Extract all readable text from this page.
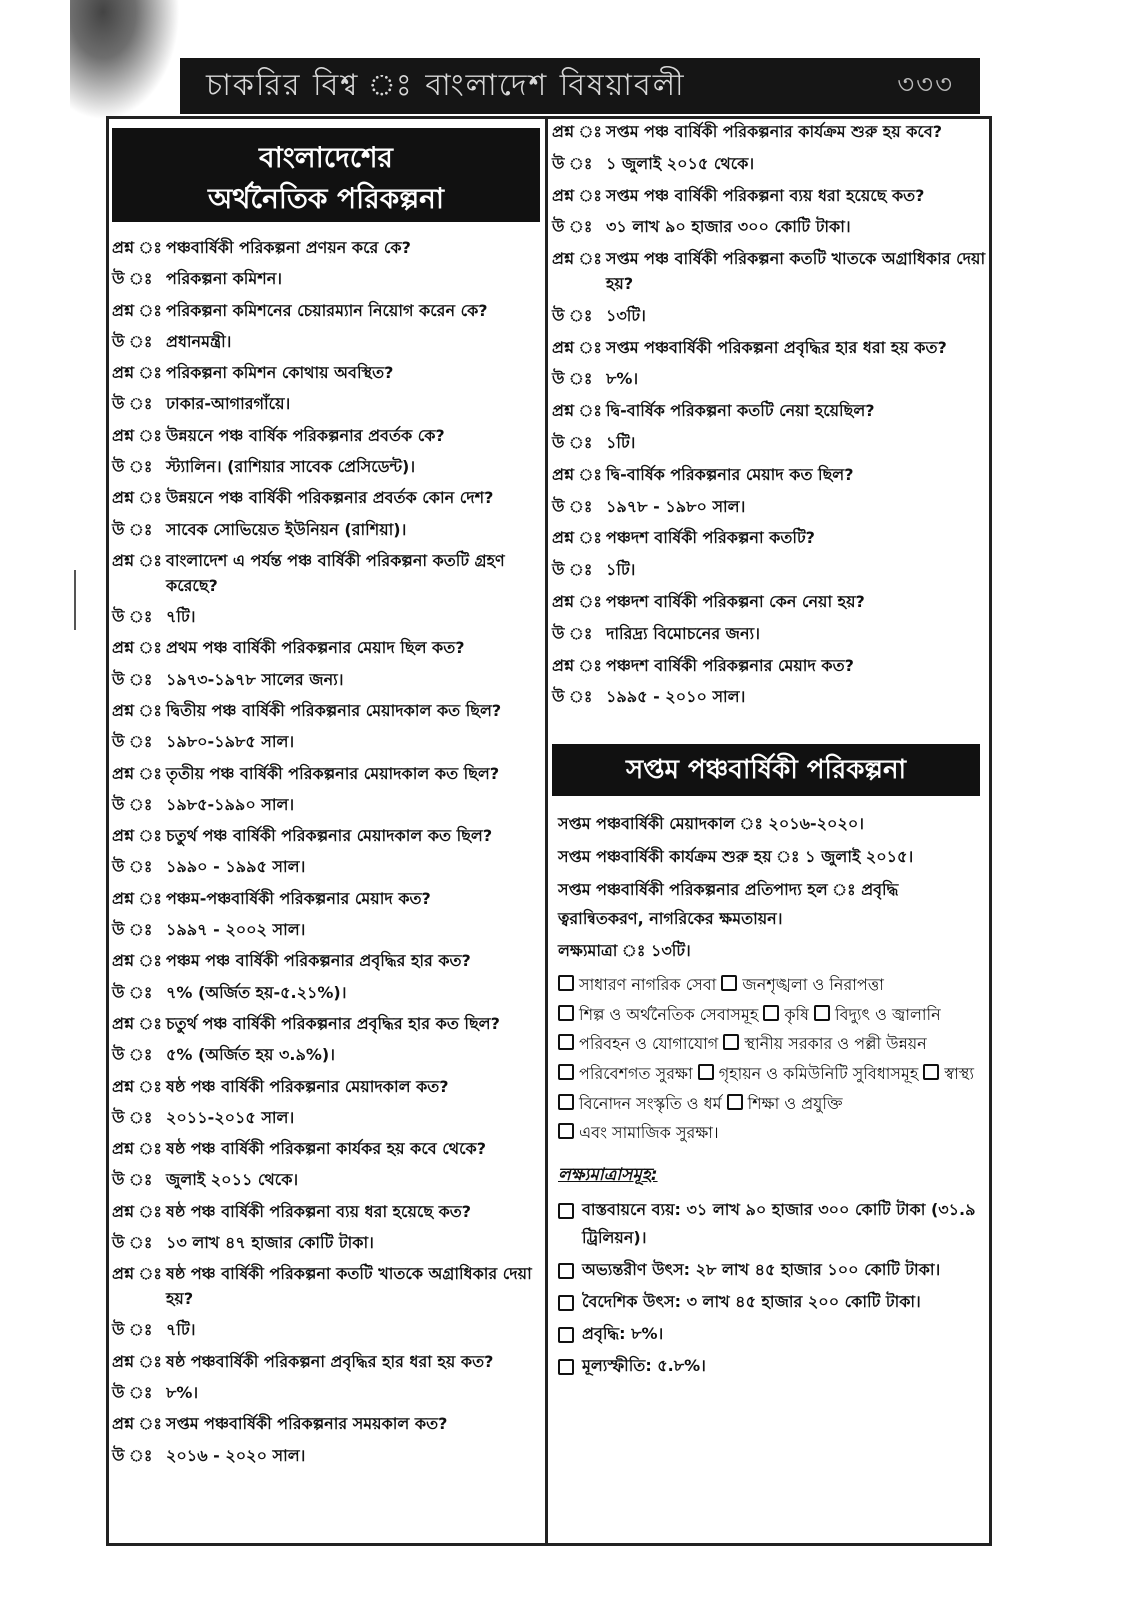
চাকরির বিশ্ব ঃ বাংলাদেশ বিষয়াবলী	৩৩৩
বাংলাদেশের
অর্থনৈতিক পরিকল্পনা
প্রশ্ন ঃ পঞ্চবার্ষিকী পরিকল্পনা প্রণয়ন করে কে?
উ ঃ পরিকল্পনা কমিশন।
প্রশ্ন ঃ পরিকল্পনা কমিশনের চেয়ারম্যান নিয়োগ করেন কে?
উ ঃ প্রধানমন্ত্রী।
প্রশ্ন ঃ পরিকল্পনা কমিশন কোথায় অবস্থিত?
উ ঃ ঢাকার-আগারগাঁয়ে।
প্রশ্ন ঃ উন্নয়নে পঞ্চ বার্ষিক পরিকল্পনার প্রবর্তক কে?
উ ঃ স্ট্যালিন। (রাশিয়ার সাবেক প্রেসিডেন্ট)।
প্রশ্ন ঃ উন্নয়নে পঞ্চ বার্ষিকী পরিকল্পনার প্রবর্তক কোন দেশ?
উ ঃ সাবেক সোভিয়েত ইউনিয়ন (রাশিয়া)।
প্রশ্ন ঃ বাংলাদেশ এ পর্যন্ত পঞ্চ বার্ষিকী পরিকল্পনা কতটি গ্রহণ করেছে?
উ ঃ ৭টি।
প্রশ্ন ঃ প্রথম পঞ্চ বার্ষিকী পরিকল্পনার মেয়াদ ছিল কত?
উ ঃ ১৯৭৩-১৯৭৮ সালের জন্য।
প্রশ্ন ঃ দ্বিতীয় পঞ্চ বার্ষিকী পরিকল্পনার মেয়াদকাল কত ছিল?
উ ঃ ১৯৮০-১৯৮৫ সাল।
প্রশ্ন ঃ তৃতীয় পঞ্চ বার্ষিকী পরিকল্পনার মেয়াদকাল কত ছিল?
উ ঃ ১৯৮৫-১৯৯০ সাল।
প্রশ্ন ঃ চতুর্থ পঞ্চ বার্ষিকী পরিকল্পনার মেয়াদকাল কত ছিল?
উ ঃ ১৯৯০ - ১৯৯৫ সাল।
প্রশ্ন ঃ পঞ্চম-পঞ্চবার্ষিকী পরিকল্পনার মেয়াদ কত?
উ ঃ ১৯৯৭ - ২০০২ সাল।
প্রশ্ন ঃ পঞ্চম পঞ্চ বার্ষিকী পরিকল্পনার প্রবৃদ্ধির হার কত?
উ ঃ ৭% (অর্জিত হয়-৫.২১%)।
প্রশ্ন ঃ চতুর্থ পঞ্চ বার্ষিকী পরিকল্পনার প্রবৃদ্ধির হার কত ছিল?
উ ঃ ৫% (অর্জিত হয় ৩.৯%)।
প্রশ্ন ঃ ষষ্ঠ পঞ্চ বার্ষিকী পরিকল্পনার মেয়াদকাল কত?
উ ঃ ২০১১-২০১৫ সাল।
প্রশ্ন ঃ ষষ্ঠ পঞ্চ বার্ষিকী পরিকল্পনা কার্যকর হয় কবে থেকে?
উ ঃ জুলাই ২০১১ থেকে।
প্রশ্ন ঃ ষষ্ঠ পঞ্চ বার্ষিকী পরিকল্পনা ব্যয় ধরা হয়েছে কত?
উ ঃ ১৩ লাখ ৪৭ হাজার কোটি টাকা।
প্রশ্ন ঃ ষষ্ঠ পঞ্চ বার্ষিকী পরিকল্পনা কতটি খাতকে অগ্রাধিকার দেয়া হয়?
উ ঃ ৭টি।
প্রশ্ন ঃ ষষ্ঠ পঞ্চবার্ষিকী পরিকল্পনা প্রবৃদ্ধির হার ধরা হয় কত?
উ ঃ ৮%।
প্রশ্ন ঃ সপ্তম পঞ্চবার্ষিকী পরিকল্পনার সময়কাল কত?
উ ঃ ২০১৬ - ২০২০ সাল।
প্রশ্ন ঃ সপ্তম পঞ্চ বার্ষিকী পরিকল্পনার কার্যক্রম শুরু হয় কবে?
উ ঃ ১ জুলাই ২০১৫ থেকে।
প্রশ্ন ঃ সপ্তম পঞ্চ বার্ষিকী পরিকল্পনা ব্যয় ধরা হয়েছে কত?
উ ঃ ৩১ লাখ ৯০ হাজার ৩০০ কোটি টাকা।
প্রশ্ন ঃ সপ্তম পঞ্চ বার্ষিকী পরিকল্পনা কতটি খাতকে অগ্রাধিকার দেয়া হয়?
উ ঃ ১৩টি।
প্রশ্ন ঃ সপ্তম পঞ্চবার্ষিকী পরিকল্পনা প্রবৃদ্ধির হার ধরা হয় কত?
উ ঃ ৮%।
প্রশ্ন ঃ দ্বি-বার্ষিক পরিকল্পনা কতটি নেয়া হয়েছিল?
উ ঃ ১টি।
প্রশ্ন ঃ দ্বি-বার্ষিক পরিকল্পনার মেয়াদ কত ছিল?
উ ঃ ১৯৭৮ - ১৯৮০ সাল।
প্রশ্ন ঃ পঞ্চদশ বার্ষিকী পরিকল্পনা কতটি?
উ ঃ ১টি।
প্রশ্ন ঃ পঞ্চদশ বার্ষিকী পরিকল্পনা কেন নেয়া হয়?
উ ঃ দারিদ্র্য বিমোচনের জন্য।
প্রশ্ন ঃ পঞ্চদশ বার্ষিকী পরিকল্পনার মেয়াদ কত?
উ ঃ ১৯৯৫ - ২০১০ সাল।
সপ্তম পঞ্চবার্ষিকী পরিকল্পনা
সপ্তম পঞ্চবার্ষিকী মেয়াদকাল ঃ ২০১৬-২০২০।
সপ্তম পঞ্চবার্ষিকী কার্যক্রম শুরু হয় ঃ ১ জুলাই ২০১৫।
সপ্তম পঞ্চবার্ষিকী পরিকল্পনার প্রতিপাদ্য হল ঃ প্রবৃদ্ধি ত্বরান্বিতকরণ, নাগরিকের ক্ষমতায়ন।
লক্ষ্যমাত্রা ঃ ১৩টি।
সাধারণ নাগরিক সেবা জনশৃঙ্খলা ও নিরাপত্তা শিল্প ও অর্থনৈতিক সেবাসমূহ কৃষি বিদ্যুৎ ও জ্বালানি পরিবহন ও যোগাযোগ স্থানীয় সরকার ও পল্লী উন্নয়ন পরিবেশগত সুরক্ষা গৃহায়ন ও কমিউনিটি সুবিধাসমূহ স্বাস্থ্য বিনোদন সংস্কৃতি ও ধর্ম শিক্ষা ও প্রযুক্তি এবং সামাজিক সুরক্ষা।
লক্ষ্যমাত্রাসমূহ:
বাস্তবায়নে ব্যয়: ৩১ লাখ ৯০ হাজার ৩০০ কোটি টাকা (৩১.৯ ট্রিলিয়ন)।
অভ্যন্তরীণ উৎস: ২৮ লাখ ৪৫ হাজার ১০০ কোটি টাকা।
বৈদেশিক উৎস: ৩ লাখ ৪৫ হাজার ২০০ কোটি টাকা।
প্রবৃদ্ধি: ৮%।
মূল্যস্ফীতি: ৫.৮%।
